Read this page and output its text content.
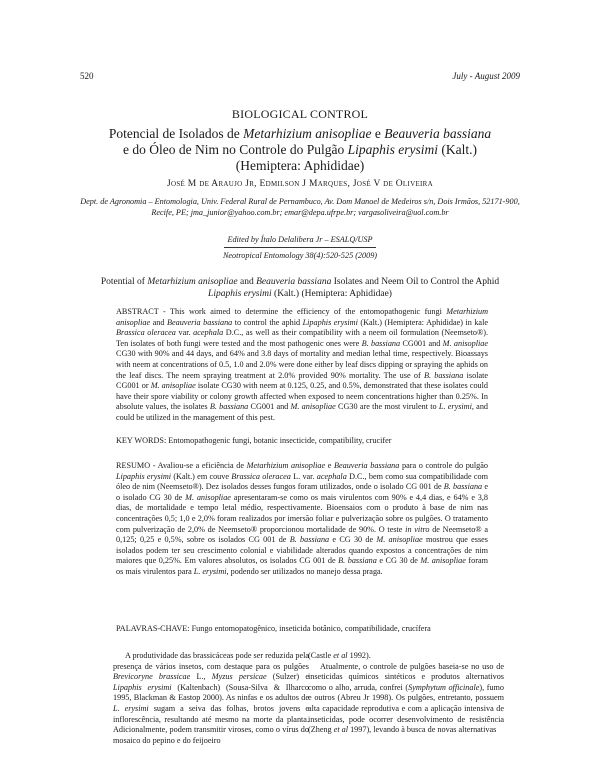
520	July - August 2009
BIOLOGICAL CONTROL
Potencial de Isolados de Metarhizium anisopliae e Beauveria bassiana
e do Óleo de Nim no Controle do Pulgão Lipaphis erysimi (Kalt.)
(Hemiptera: Aphididae)
José M de Araujo Jr, Edmilson J Marques, José V de Oliveira
Dept. de Agronomia – Entomologia, Univ. Federal Rural de Pernambuco, Av. Dom Manoel de Medeiros s/n, Dois Irmãos, 52171-900, Recife, PE; jma_junior@yahoo.com.br; emar@depa.ufrpe.br; vargasoliveira@uol.com.br
Edited by Ítalo Delalibera Jr – ESALQ/USP
Neotropical Entomology 38(4):520-525 (2009)
Potential of Metarhizium anisopliae and Beauveria bassiana Isolates and Neem Oil to Control the Aphid
Lipaphis erysimi (Kalt.) (Hemiptera: Aphididae)
ABSTRACT - This work aimed to determine the efficiency of the entomopathogenic fungi Metarhizium anisopliae and Beauveria bassiana to control the aphid Lipaphis erysimi (Kalt.) (Hemiptera: Aphididae) in kale Brassica oleracea var. acephala D.C., as well as their compatibility with a neem oil formulation (Neemseto®). Ten isolates of both fungi were tested and the most pathogenic ones were B. bassiana CG001 and M. anisopliae CG30 with 90% and 44 days, and 64% and 3.8 days of mortality and median lethal time, respectively. Bioassays with neem at concentrations of 0.5, 1.0 and 2.0% were done either by leaf discs dipping or spraying the aphids on the leaf discs. The neem spraying treatment at 2.0% provided 90% mortality. The use of B. bassiana isolate CG001 or M. anisopliae isolate CG30 with neem at 0.125, 0.25, and 0.5%, demonstrated that these isolates could have their spore viability or colony growth affected when exposed to neem concentrations higher than 0.25%. In absolute values, the isolates B. bassiana CG001 and M. anisopliae CG30 are the most virulent to L. erysimi, and could be utilized in the management of this pest.
KEY WORDS: Entomopathogenic fungi, botanic insecticide, compatibility, crucifer
RESUMO - Avaliou-se a eficiência de Metarhizium anisopliae e Beauveria bassiana para o controle do pulgão Lipaphis erysimi (Kalt.) em couve Brassica oleracea L. var. acephala D.C., bem como sua compatibilidade com óleo de nim (Neemseto®). Dez isolados desses fungos foram utilizados, onde o isolado CG 001 de B. bassiana e o isolado CG 30 de M. anisopliae apresentaram-se como os mais virulentos com 90% e 4,4 dias, e 64% e 3,8 dias, de mortalidade e tempo letal médio, respectivamente. Bioensaios com o produto à base de nim nas concentrações 0,5; 1,0 e 2,0% foram realizados por imersão foliar e pulverização sobre os pulgões. O tratamento com pulverização de 2,0% de Neemseto® proporcionou mortalidade de 90%. O teste in vitro de Neemseto® a 0,125; 0,25 e 0,5%, sobre os isolados CG 001 de B. bassiana e CG 30 de M. anisopliae mostrou que esses isolados podem ter seu crescimento colonial e viabilidade alterados quando expostos a concentrações de nim maiores que 0,25%. Em valores absolutos, os isolados CG 001 de B. bassiana e CG 30 de M. anisopliae foram os mais virulentos para L. erysimi, podendo ser utilizados no manejo dessa praga.
PALAVRAS-CHAVE: Fungo entomopatogênico, inseticida botânico, compatibilidade, crucífera
A produtividade das brassicáceas pode ser reduzida pela presença de vários insetos, com destaque para os pulgões Brevicoryne brassicae L., Myzus persicae (Sulzer) e Lipaphis erysimi (Kaltenbach) (Sousa-Silva & Ilharco 1995, Blackman & Eastop 2000). As ninfas e os adultos de L. erysimi sugam a seiva das folhas, brotos jovens e inflorescência, resultando até mesmo na morte da planta. Adicionalmente, podem transmitir viroses, como o vírus do mosaico do pepino e do feijoeiro

(Castle et al 1992).

Atualmente, o controle de pulgões baseia-se no uso de inseticidas químicos sintéticos e produtos alternativos como o alho, arruda, confrei (Symphytum officinale), fumo e outros (Abreu Jr 1998). Os pulgões, entretanto, possuem alta capacidade reprodutiva e com a aplicação intensiva de inseticidas, pode ocorrer desenvolvimento de resistência (Zheng et al 1997), levando à busca de novas alternativas
